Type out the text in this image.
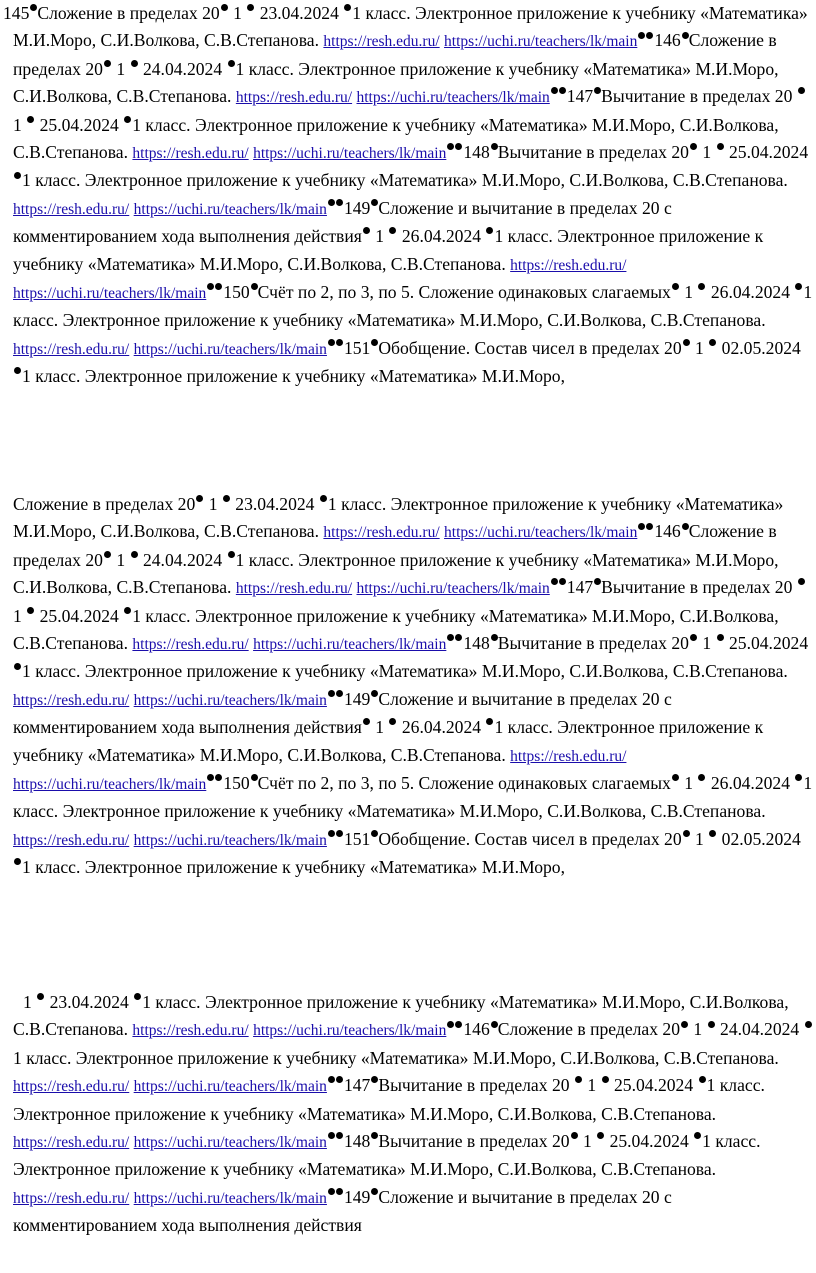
145 Сложение в пределах 20 1 23.04.2024 1 класс. Электронное приложение к учебнику «Математика» М.И.Моро, С.И.Волкова, С.В.Степанова. https://resh.edu.ru/ https://uchi.ru/teachers/lk/main 146 Сложение в пределах 20 1 24.04.2024 1 класс. Электронное приложение к учебнику «Математика» М.И.Моро, С.И.Волкова, С.В.Степанова. https://resh.edu.ru/ https://uchi.ru/teachers/lk/main 147 Вычитание в пределах 20  1 25.04.2024 1 класс. Электронное приложение к учебнику «Математика» М.И.Моро, С.И.Волкова, С.В.Степанова. https://resh.edu.ru/ https://uchi.ru/teachers/lk/main 148 Вычитание в пределах 20 1 25.04.2024 1 класс. Электронное приложение к учебнику «Математика» М.И.Моро, С.И.Волкова, С.В.Степанова. https://resh.edu.ru/ https://uchi.ru/teachers/lk/main 149 Сложение и вычитание в пределах 20 с комментированием хода выполнения действия 1 26.04.2024 1 класс. Электронное приложение к учебнику «Математика» М.И.Моро, С.И.Волкова, С.В.Степанова. https://resh.edu.ru/ https://uchi.ru/teachers/lk/main 150 Счёт по 2, по 3, по 5. Сложение одинаковых слагаемых 1 26.04.2024 1 класс. Электронное приложение к учебнику «Математика» М.И.Моро, С.И.Волкова, С.В.Степанова. https://resh.edu.ru/ https://uchi.ru/teachers/lk/main 151 Обобщение. Состав чисел в пределах 20 1 02.05.2024 1 класс. Электронное приложение к учебнику «Математика» М.И.Моро,

Сложение в пределах 20 1 23.04.2024 1 класс. Электронное приложение к учебнику «Математика» М.И.Моро, С.И.Волкова, С.В.Степанова. https://resh.edu.ru/ https://uchi.ru/teachers/lk/main 146 Сложение в пределах 20 1 24.04.2024 1 класс. Электронное приложение к учебнику «Математика» М.И.Моро, С.И.Волкова, С.В.Степанова. https://resh.edu.ru/ https://uchi.ru/teachers/lk/main 147 Вычитание в пределах 20  1 25.04.2024 1 класс. Электронное приложение к учебнику «Математика» М.И.Моро, С.И.Волкова, С.В.Степанова. https://resh.edu.ru/ https://uchi.ru/teachers/lk/main 148 Вычитание в пределах 20 1 25.04.2024 1 класс. Электронное приложение к учебнику «Математика» М.И.Моро, С.И.Волкова, С.В.Степанова. https://resh.edu.ru/ https://uchi.ru/teachers/lk/main 149 Сложение и вычитание в пределах 20 с комментированием хода выполнения действия 1 26.04.2024 1 класс. Электронное приложение к учебнику «Математика» М.И.Моро, С.И.Волкова, С.В.Степанова. https://resh.edu.ru/ https://uchi.ru/teachers/lk/main 150 Счёт по 2, по 3, по 5. Сложение одинаковых слагаемых 1 26.04.2024 1 класс. Электронное приложение к учебнику «Математика» М.И.Моро, С.И.Волкова, С.В.Степанова. https://resh.edu.ru/ https://uchi.ru/teachers/lk/main 151 Обобщение. Состав чисел в пределах 20 1 02.05.2024 1 класс. Электронное приложение к учебнику «Математика» М.И.Моро,

1 23.04.2024 1 класс. Электронное приложение к учебнику «Математика» М.И.Моро, С.И.Волкова, С.В.Степанова. https://resh.edu.ru/ https://uchi.ru/teachers/lk/main 146 Сложение в пределах 20 1 24.04.2024 1 класс. Электронное приложение к учебнику «Математика» М.И.Моро, С.И.Волкова, С.В.Степанова. https://resh.edu.ru/ https://uchi.ru/teachers/lk/main 147 Вычитание в пределах 20 1 25.04.2024 1 класс. Электронное приложение к учебнику «Математика» М.И.Моро, С.И.Волкова, С.В.Степанова. https://resh.edu.ru/ https://uchi.ru/teachers/lk/main 148 Вычитание в пределах 20 1 25.04.2024 1 класс. Электронное приложение к учебнику «Математика» М.И.Моро, С.И.Волкова, С.В.Степанова. https://resh.edu.ru/ https://uchi.ru/teachers/lk/main 149 Сложение и вычитание в пределах 20 с комментированием хода выполнения действия
